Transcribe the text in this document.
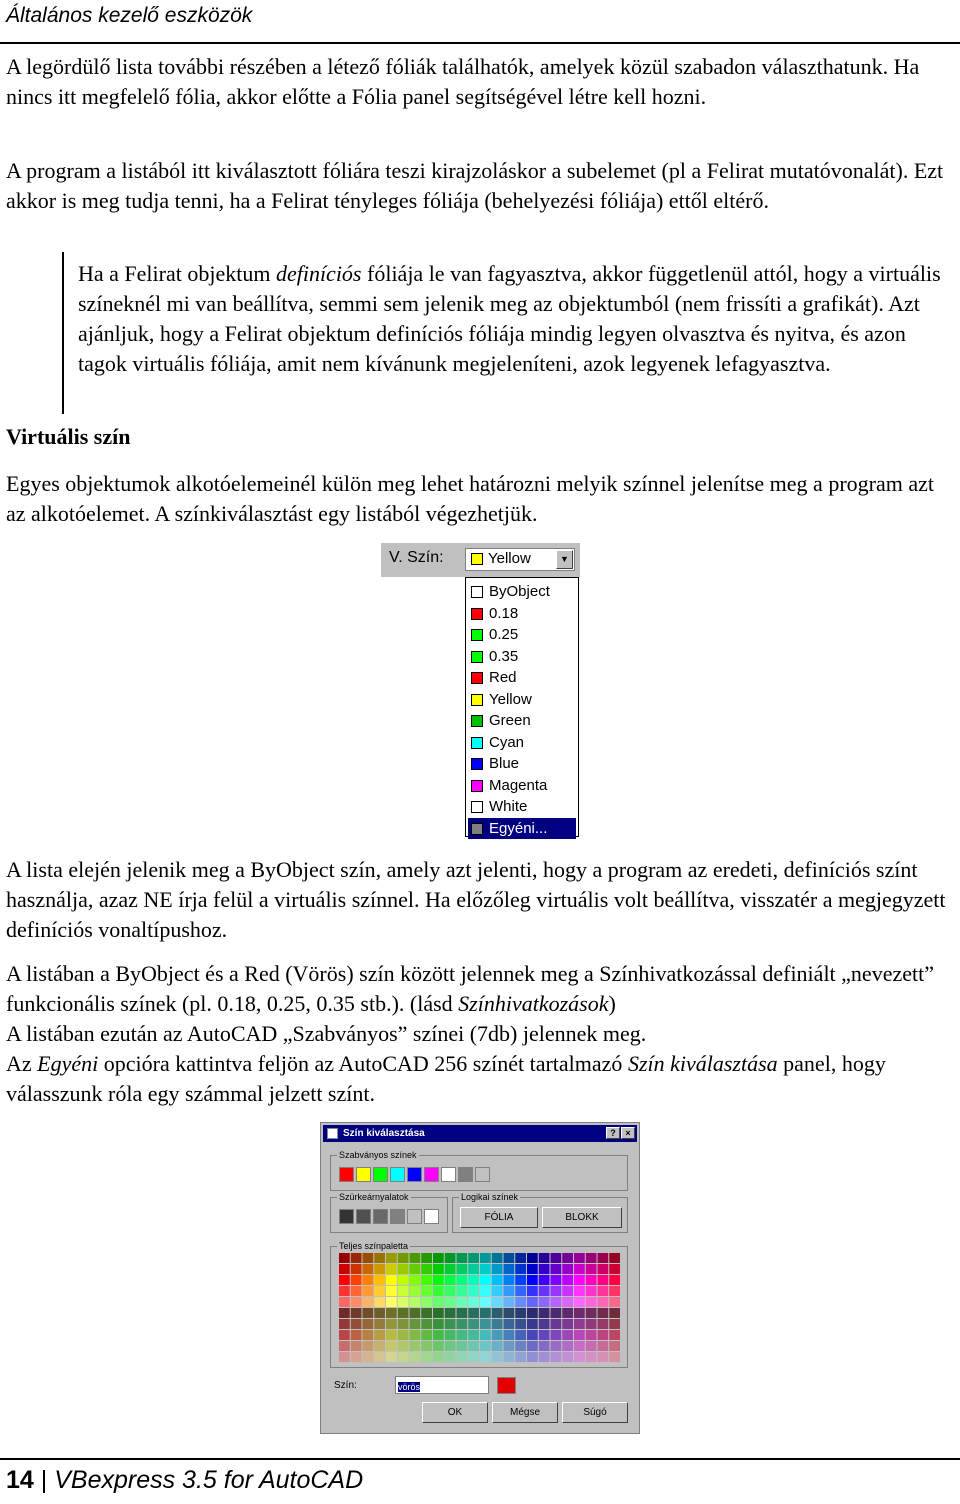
Általános kezelő eszközök

A legördülő lista további részében a létező fóliák találhatók, amelyek közül szabadon választhatunk. Ha nincs itt megfelelő fólia, akkor előtte a Fólia panel segítségével létre kell hozni.

A program a listából itt kiválasztott fóliára teszi kirajzoláskor a subelemet (pl a Felirat mutatóvonalát). Ezt akkor is meg tudja tenni, ha a Felirat tényleges fóliája (behelyezési fóliája) ettől eltérő.

Ha a Felirat objektum definíciós fóliája le van fagyasztva, akkor függetlenül attól, hogy a virtuális színeknél mi van beállítva, semmi sem jelenik meg az objektumból (nem frissíti a grafikát). Azt ajánljuk, hogy a Felirat objektum definíciós fóliája mindig legyen olvasztva és nyitva, és azon tagok virtuális fóliája, amit nem kívánunk megjeleníteni, azok legyenek lefagyasztva.

Virtuális szín

Egyes objektumok alkotóelemeinél külön meg lehet határozni melyik színnel jelenítse meg a program azt az alkotóelemet. A színkiválasztást egy listából végezhetjük.

V. Szín:	Yellow	▼
ByObject
0.18
0.25
0.35
Red
Yellow
Green
Cyan
Blue
Magenta
White
Egyéni...

A lista elején jelenik meg a ByObject szín, amely azt jelenti, hogy a program az eredeti, definíciós színt használja, azaz NE írja felül a virtuális színnel. Ha előzőleg virtuális volt beállítva, visszatér a megjegyzett definíciós vonaltípushoz.

A listában a ByObject és a Red (Vörös) szín között jelennek meg a Színhivatkozással definiált „nevezett” funkcionális színek (pl. 0.18, 0.25, 0.35 stb.). (lásd Színhivatkozások)
A listában ezután az AutoCAD „Szabványos” színei (7db) jelennek meg.
Az Egyéni opcióra kattintva feljön az AutoCAD 256 színét tartalmazó Szín kiválasztása panel, hogy válasszunk róla egy számmal jelzett színt.

Szín kiválasztása	?	×
Szabványos színek
Szürkeárnyalatok	Logikai színek
FÓLIA	BLOKK
Teljes színpaletta
Szín:	vörös
OK	Mégse	Súgó
14 | VBexpress 3.5 for AutoCAD
